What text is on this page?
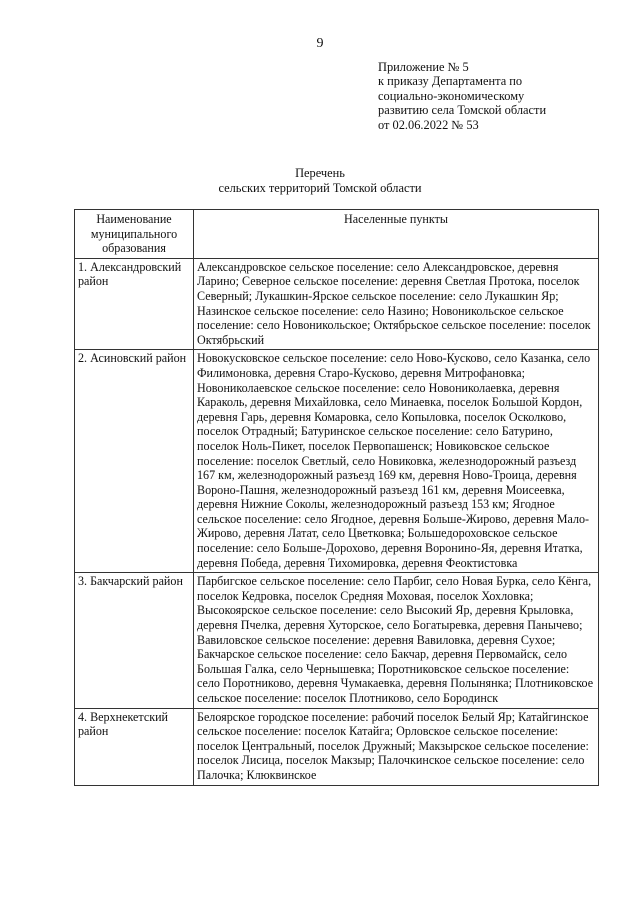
9
Приложение № 5
к приказу Департамента по
социально-экономическому
развитию села Томской области
от 02.06.2022 № 53
Перечень
сельских территорий Томской области
Наименование муниципального образования	Населенные пункты
1. Александровский район	Александровское сельское поселение: село Александровское, деревня Ларино; Северное сельское поселение: деревня Светлая Протока, поселок Северный; Лукашкин-Ярское сельское поселение: село Лукашкин Яр; Назинское сельское поселение: село Назино; Новоникольское сельское поселение: село Новоникольское; Октябрьское сельское поселение: поселок Октябрьский
2. Асиновский район	Новокусковское сельское поселение: село Ново-Кусково, село Казанка, село Филимоновка, деревня Старо-Кусково, деревня Митрофановка; Новониколаевское сельское поселение: село Новониколаевка, деревня Караколь, деревня Михайловка, село Минаевка, поселок Большой Кордон, деревня Гарь, деревня Комаровка, село Копыловка, поселок Осколково, поселок Отрадный; Батуринское сельское поселение: село Батурино, поселок Ноль-Пикет, поселок Первопашенск; Новиковское сельское поселение: поселок Светлый, село Новиковка, железнодорожный разъезд 167 км, железнодорожный разъезд 169 км, деревня Ново-Троица, деревня Вороно-Пашня, железнодорожный разъезд 161 км, деревня Моисеевка, деревня Нижние Соколы, железнодорожный разъезд 153 км; Ягодное сельское поселение: село Ягодное, деревня Больше-Жирово, деревня Мало-Жирово, деревня Латат, село Цветковка; Большедороховское сельское поселение: село Больше-Дорохово, деревня Воронино-Яя, деревня Итатка, деревня Победа, деревня Тихомировка, деревня Феоктистовка
3. Бакчарский район	Парбигское сельское поселение: село Парбиг, село Новая Бурка, село Кёнга, поселок Кедровка, поселок Средняя Моховая, поселок Хохловка; Высокоярское сельское поселение: село Высокий Яр, деревня Крыловка, деревня Пчелка, деревня Хуторское, село Богатыревка, деревня Панычево; Вавиловское сельское поселение: деревня Вавиловка, деревня Сухое; Бакчарское сельское поселение: село Бакчар, деревня Первомайск, село Большая Галка, село Чернышевка; Поротниковское сельское поселение: село Поротниково, деревня Чумакаевка, деревня Полынянка; Плотниковское сельское поселение: поселок Плотниково, село Бородинск
4. Верхнекетский район	Белоярское городское поселение: рабочий поселок Белый Яр; Катайгинское сельское поселение: поселок Катайга; Орловское сельское поселение: поселок Центральный, поселок Дружный; Макзырское сельское поселение: поселок Лисица, поселок Макзыр; Палочкинское сельское поселение: село Палочка; Клюквинское
